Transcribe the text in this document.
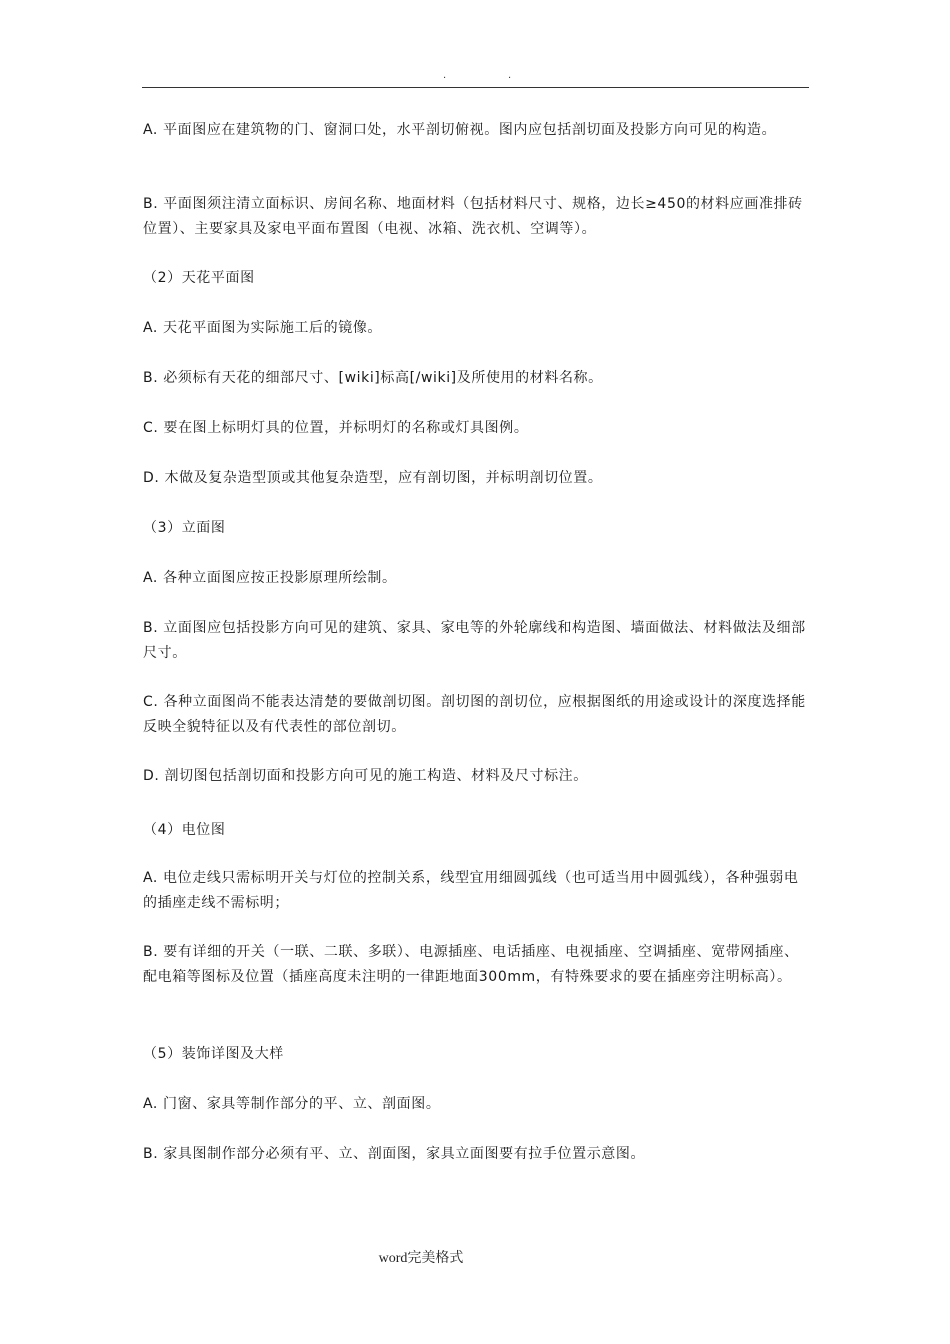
.	.

A. 平面图应在建筑物的门、窗洞口处，水平剖切俯视。图内应包括剖切面及投影方向可见的构造。

B. 平面图须注清立面标识、房间名称、地面材料（包括材料尺寸、规格，边长≥450的材料应画准排砖位置）、主要家具及家电平面布置图（电视、冰箱、洗衣机、空调等）。

（2）天花平面图

A. 天花平面图为实际施工后的镜像。

B. 必须标有天花的细部尺寸、[wiki]标高[/wiki]及所使用的材料名称。

C. 要在图上标明灯具的位置，并标明灯的名称或灯具图例。

D. 木做及复杂造型顶或其他复杂造型，应有剖切图，并标明剖切位置。

（3）立面图

A. 各种立面图应按正投影原理所绘制。

B. 立面图应包括投影方向可见的建筑、家具、家电等的外轮廓线和构造图、墙面做法、材料做法及细部尺寸。

C. 各种立面图尚不能表达清楚的要做剖切图。剖切图的剖切位，应根据图纸的用途或设计的深度选择能反映全貌特征以及有代表性的部位剖切。

D. 剖切图包括剖切面和投影方向可见的施工构造、材料及尺寸标注。

（4）电位图

A. 电位走线只需标明开关与灯位的控制关系，线型宜用细圆弧线（也可适当用中圆弧线），各种强弱电的插座走线不需标明；

B. 要有详细的开关（一联、二联、多联）、电源插座、电话插座、电视插座、空调插座、宽带网插座、配电箱等图标及位置（插座高度未注明的一律距地面300mm，有特殊要求的要在插座旁注明标高）。

（5）装饰详图及大样

A. 门窗、家具等制作部分的平、立、剖面图。

B. 家具图制作部分必须有平、立、剖面图，家具立面图要有拉手位置示意图。

word完美格式
